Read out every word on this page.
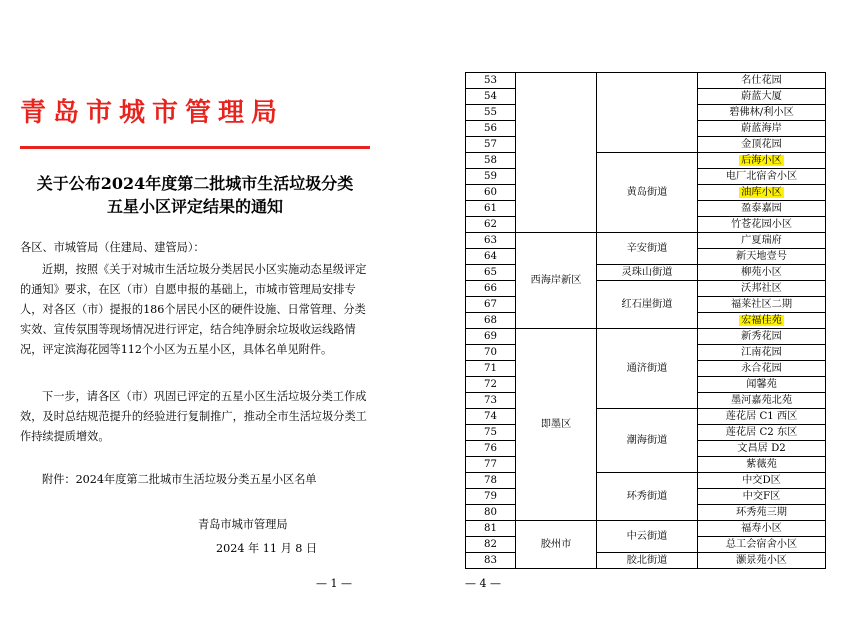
青岛市城市管理局
关于公布2024年度第二批城市生活垃圾分类
五星小区评定结果的通知
各区、市城管局（住建局、建管局）：
近期，按照《关于对城市生活垃圾分类居民小区实施动态星级评定的通知》要求，在区（市）自愿申报的基础上，市城市管理局安排专人，对各区（市）提报的186个居民小区的硬件设施、日常管理、分类实效、宣传氛围等现场情况进行评定，结合纯净厨余垃圾收运线路情况，评定滨海花园等112个小区为五星小区，具体名单见附件。
下一步，请各区（市）巩固已评定的五星小区生活垃圾分类工作成效，及时总结规范提升的经验进行复制推广，推动全市生活垃圾分类工作持续提质增效。
附件：2024年度第二批城市生活垃圾分类五星小区名单
青岛市城市管理局
2024 年 11 月 8 日
— 1 —
53			名仕花园
54			蔚蓝大厦
55			碧佛林/利小区
56			蔚蓝海岸
57			金顶花园
58		黄岛街道	后海小区
59			电厂北宿舍小区
60			油库小区
61			盈泰嘉园
62			竹苍花园小区
63	西海岸新区	辛安街道	广夏瑞府
64			新天地壹号
65		灵珠山街道	柳苑小区
66		红石崖街道	沃邦社区
67			福莱社区二期
68			宏福佳苑
69	即墨区	通济街道	新秀花园
70			江南花园
71			永合花园
72			闻馨苑
73			墨河嘉苑北苑
74		潮海街道	莲花居 C1 西区
75			莲花居 C2 东区
76			文昌居 D2
77			紫薇苑
78		环秀街道	中交D区
79			中交F区
80			环秀苑三期
81	胶州市	中云街道	福寿小区
82			总工会宿舍小区
83		胶北街道	灏景苑小区
— 4 —
